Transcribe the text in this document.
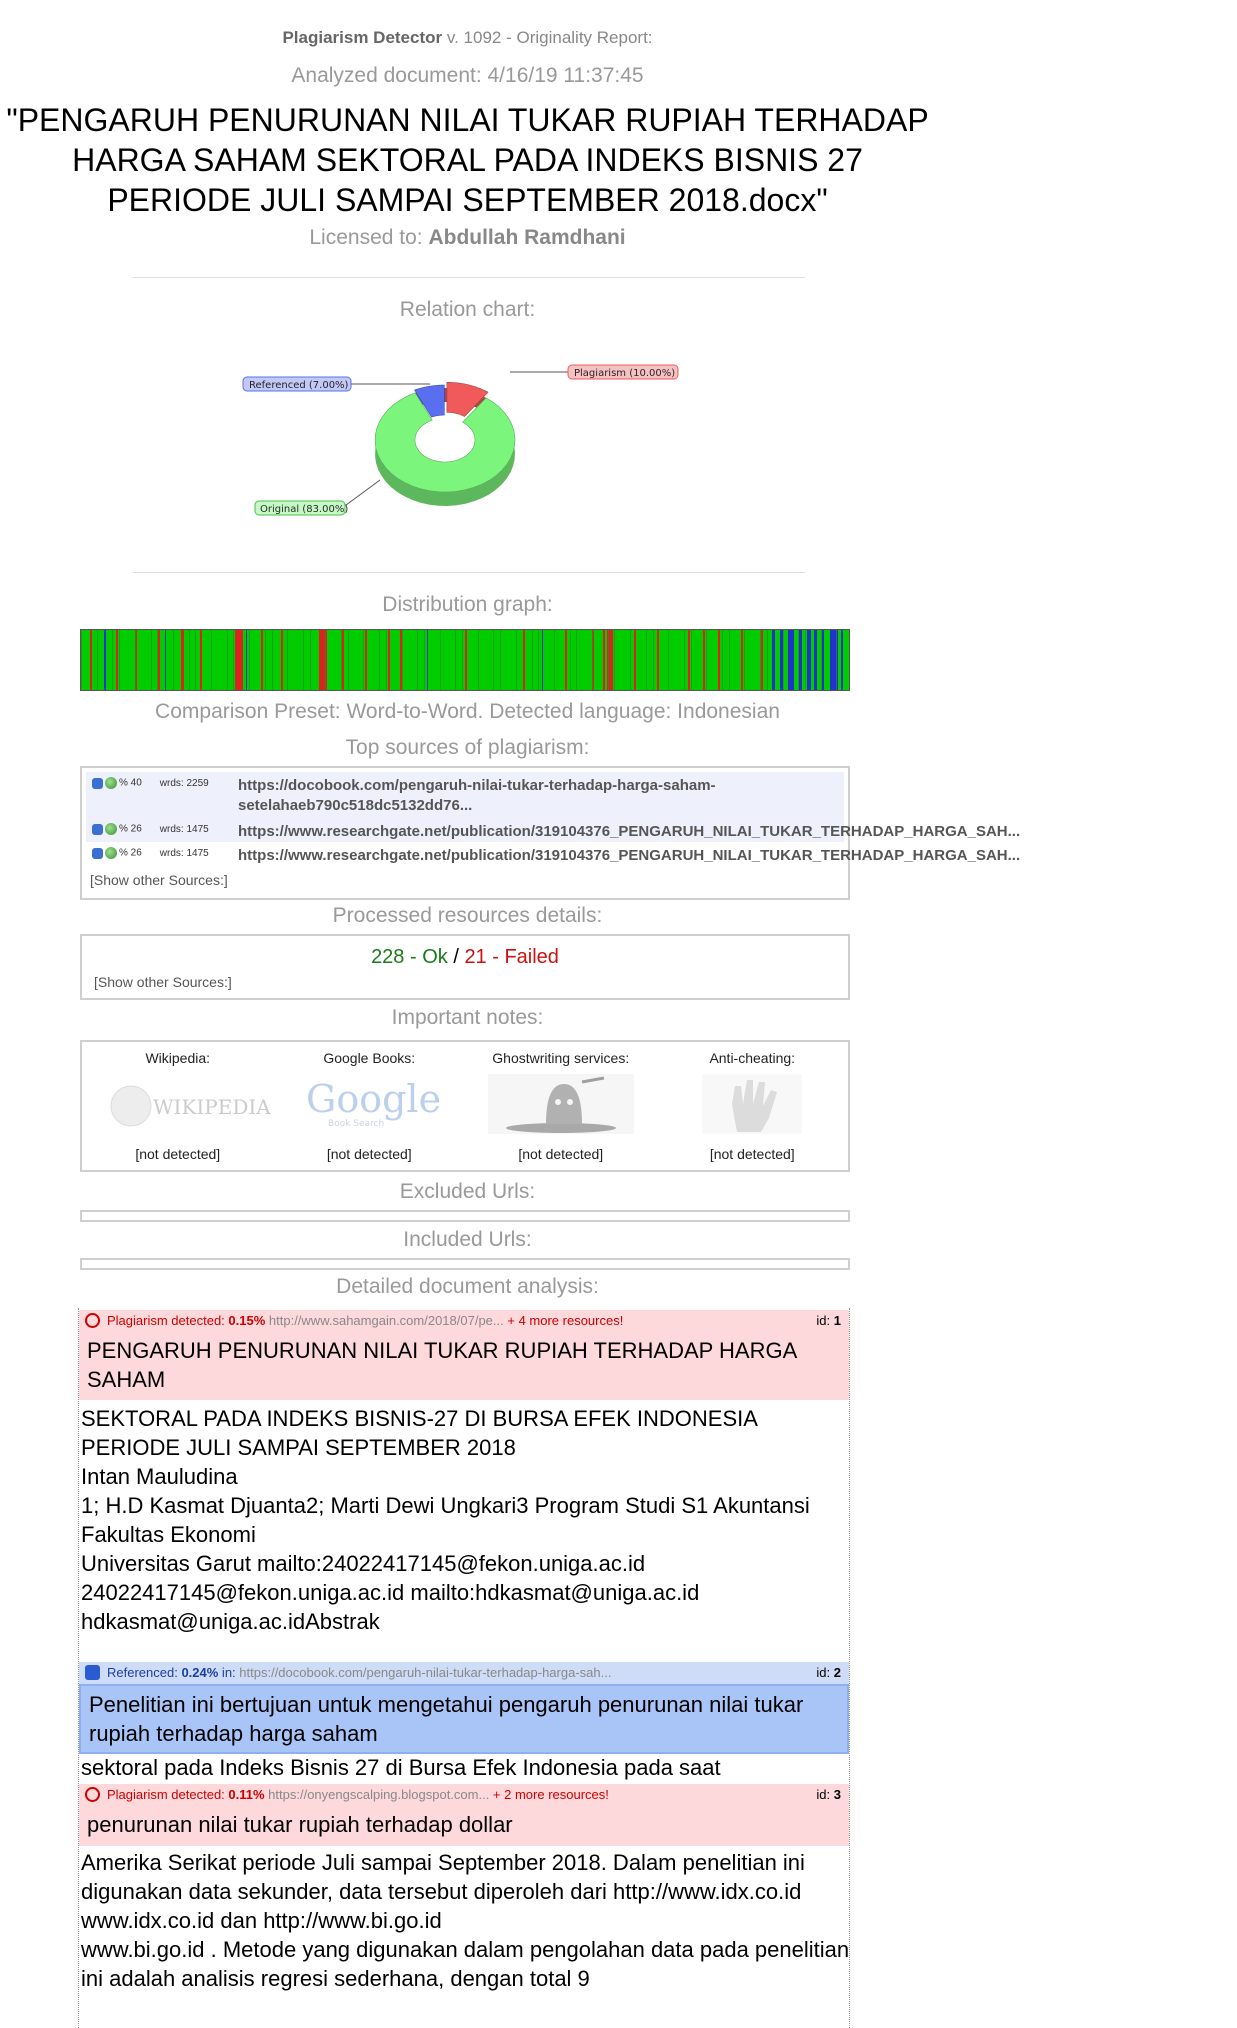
Plagiarism Detector v. 1092 - Originality Report:
Analyzed document: 4/16/19 11:37:45
"PENGARUH PENURUNAN NILAI TUKAR RUPIAH TERHADAP HARGA SAHAM SEKTORAL PADA INDEKS BISNIS 27 PERIODE JULI SAMPAI SEPTEMBER 2018.docx"
Licensed to: Abdullah Ramdhani
Relation chart:
Referenced (7.00%)
Plagiarism (10.00%)
Original (83.00%)
Distribution graph:
Comparison Preset: Word-to-Word. Detected language: Indonesian
Top sources of plagiarism:
% 40 wrds: 2259 https://docobook.com/pengaruh-nilai-tukar-terhadap-harga-saham-setelahaeb790c518dc5132dd76...
% 26 wrds: 1475 https://www.researchgate.net/publication/319104376_PENGARUH_NILAI_TUKAR_TERHADAP_HARGA_SAH...
% 26 wrds: 1475 https://www.researchgate.net/publication/319104376_PENGARUH_NILAI_TUKAR_TERHADAP_HARGA_SAH...
[Show other Sources:]
Processed resources details:
228 - Ok / 21 - Failed
[Show other Sources:]
Important notes:
Wikipedia:
WIKIPEDIA
[not detected]
Google Books:
Google
Book Search
[not detected]
Ghostwriting services:
[not detected]
Anti-cheating:
[not detected]
Excluded Urls:
Included Urls:
Detailed document analysis:
Plagiarism detected: 0.15% http://www.sahamgain.com/2018/07/pe... + 4 more resources!	id: 1
PENGARUH PENURUNAN NILAI TUKAR RUPIAH TERHADAP HARGA SAHAM
SEKTORAL PADA INDEKS BISNIS-27 DI BURSA EFEK INDONESIA PERIODE JULI SAMPAI SEPTEMBER 2018
Intan Mauludina
1; H.D Kasmat Djuanta2; Marti Dewi Ungkari3 Program Studi S1 Akuntansi
Fakultas Ekonomi
Universitas Garut mailto:24022417145@fekon.uniga.ac.id 24022417145@fekon.uniga.ac.id mailto:hdkasmat@uniga.ac.id hdkasmat@uniga.ac.idAbstrak
Referenced: 0.24% in: https://docobook.com/pengaruh-nilai-tukar-terhadap-harga-sah...	id: 2
Penelitian ini bertujuan untuk mengetahui pengaruh penurunan nilai tukar rupiah terhadap harga saham
sektoral pada Indeks Bisnis 27 di Bursa Efek Indonesia pada saat
Plagiarism detected: 0.11% https://onyengscalping.blogspot.com... + 2 more resources!	id: 3
penurunan nilai tukar rupiah terhadap dollar
Amerika Serikat periode Juli sampai September 2018. Dalam penelitian ini digunakan data sekunder, data tersebut diperoleh dari http://www.idx.co.id
www.idx.co.id dan http://www.bi.go.id
www.bi.go.id . Metode yang digunakan dalam pengolahan data pada penelitian ini adalah analisis regresi sederhana, dengan total 9
